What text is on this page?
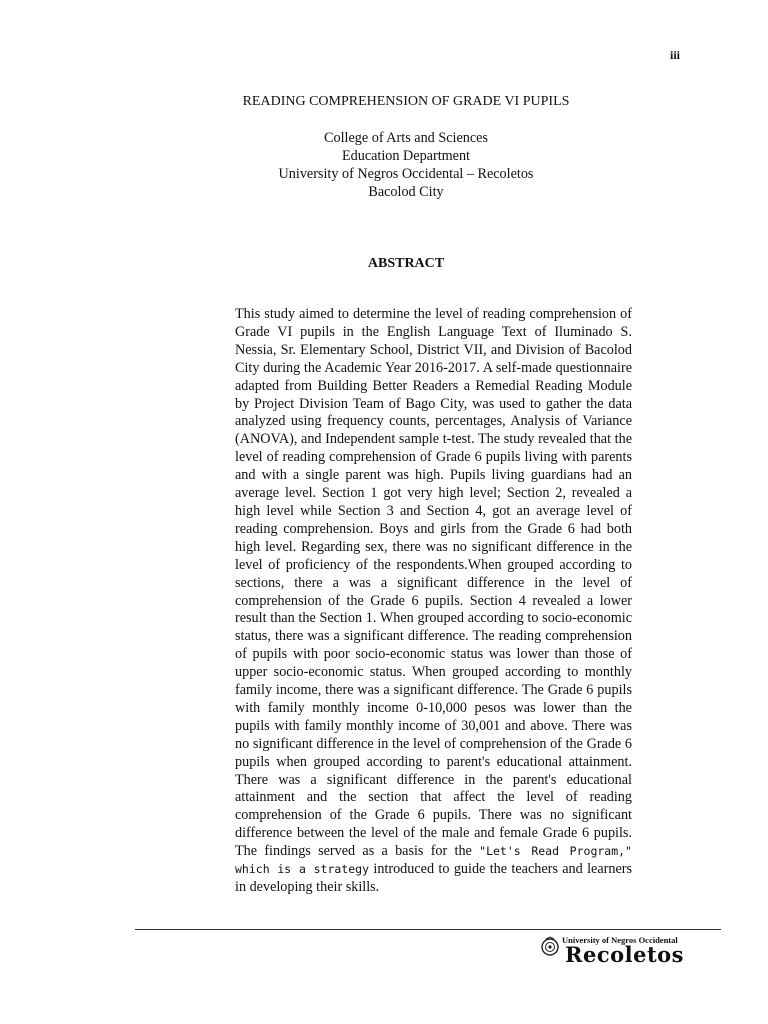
iii
READING COMPREHENSION OF GRADE VI PUPILS
College of Arts and Sciences
Education Department
University of Negros Occidental – Recoletos
Bacolod City
ABSTRACT

This study aimed to determine the level of reading comprehension of Grade VI pupils in the English Language Text of Iluminado S. Nessia, Sr. Elementary School, District VII, and Division of Bacolod City during the Academic Year 2016-2017. A self-made questionnaire adapted from Building Better Readers a Remedial Reading Module by Project Division Team of Bago City, was used to gather the data analyzed using frequency counts, percentages, Analysis of Variance (ANOVA), and Independent sample t-test. The study revealed that the level of reading comprehension of Grade 6 pupils living with parents and with a single parent was high. Pupils living guardians had an average level. Section 1 got very high level; Section 2, revealed a high level while Section 3 and Section 4, got an average level of reading comprehension. Boys and girls from the Grade 6 had both high level. Regarding sex, there was no significant difference in the level of proficiency of the respondents.When grouped according to sections, there a was a significant difference in the level of comprehension of the Grade 6 pupils. Section 4 revealed a lower result than the Section 1. When grouped according to socio-economic status, there was a significant difference. The reading comprehension of pupils with poor socio-economic status was lower than those of upper socio-economic status. When grouped according to monthly family income, there was a significant difference. The Grade 6 pupils with family monthly income 0-10,000 pesos was lower than the pupils with family monthly income of 30,001 and above. There was no significant difference in the level of comprehension of the Grade 6 pupils when grouped according to parent's educational attainment. There was a significant difference in the parent's educational attainment and the section that affect the level of reading comprehension of the Grade 6 pupils. There was no significant difference between the level of the male and female Grade 6 pupils. The findings served as a basis for the "Let's Read Program," which is a strategy introduced to guide the teachers and learners in developing their skills.

University of Negros Occidental
Recoletos
